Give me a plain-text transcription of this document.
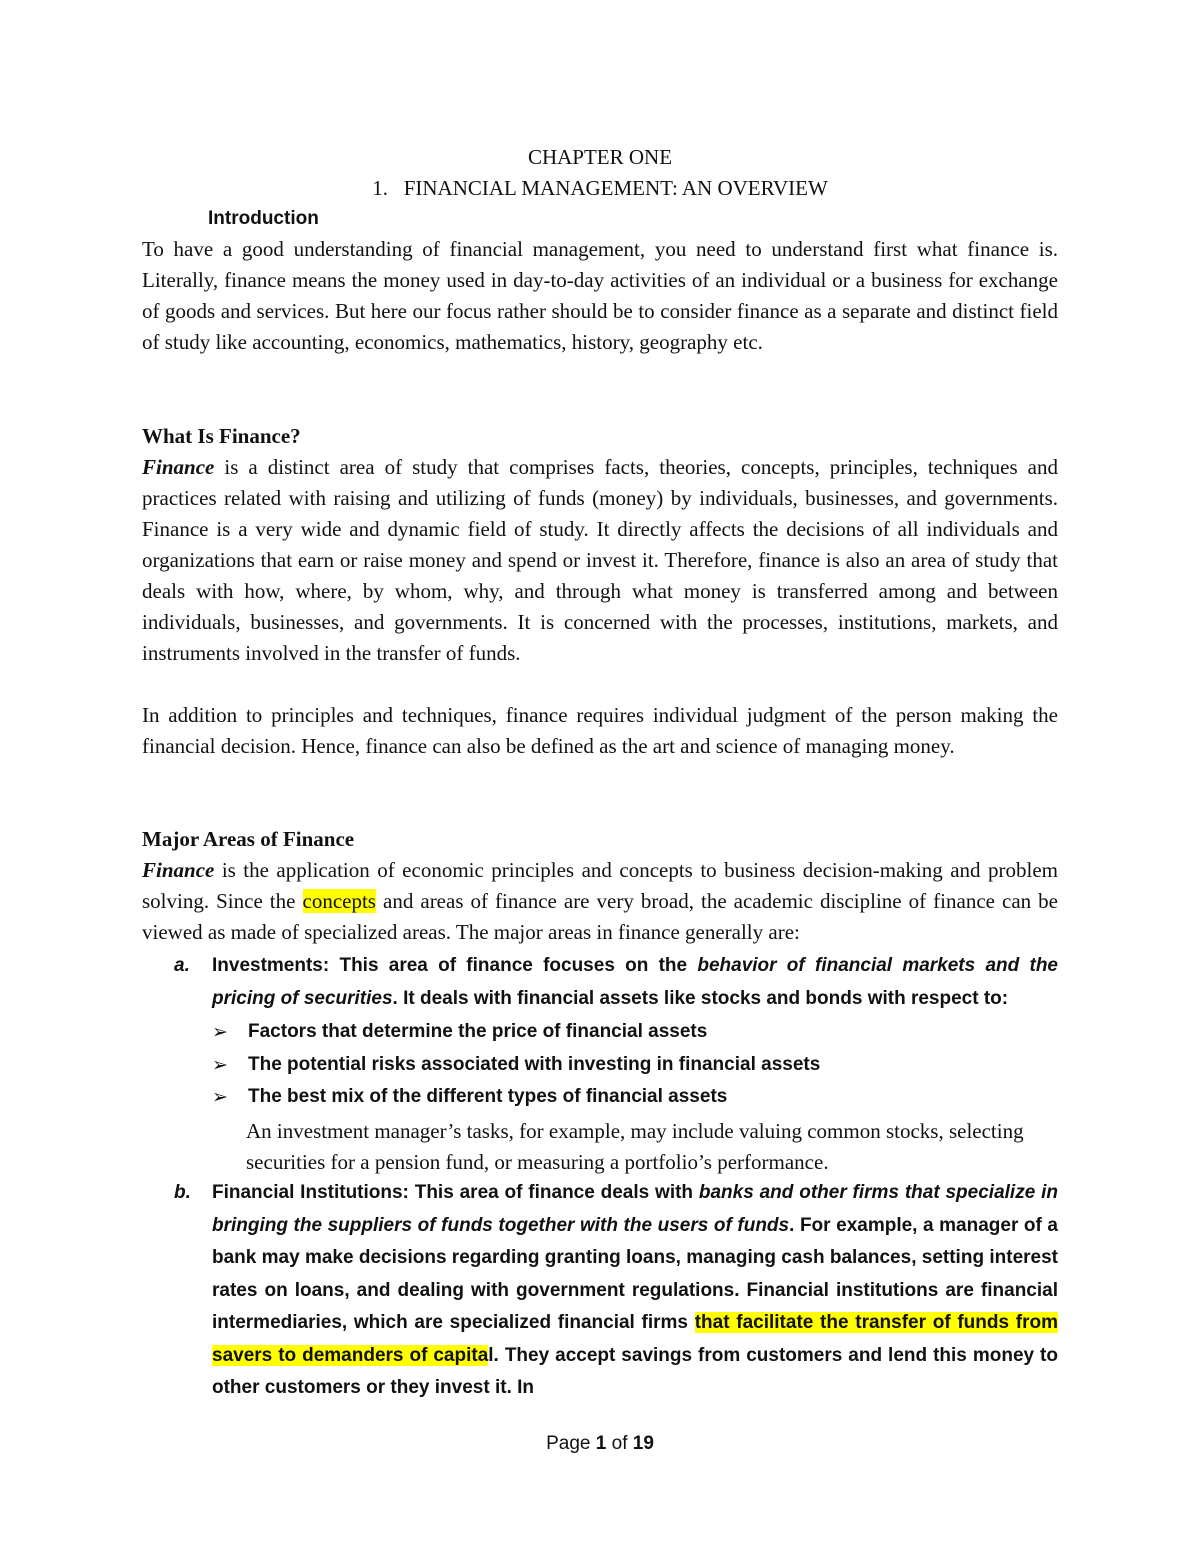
CHAPTER ONE
1. FINANCIAL MANAGEMENT: AN OVERVIEW
Introduction

To have a good understanding of financial management, you need to understand first what finance is. Literally, finance means the money used in day-to-day activities of an individual or a business for exchange of goods and services. But here our focus rather should be to consider finance as a separate and distinct field of study like accounting, economics, mathematics, history, geography etc.

What Is Finance?

Finance is a distinct area of study that comprises facts, theories, concepts, principles, techniques and practices related with raising and utilizing of funds (money) by individuals, businesses, and governments. Finance is a very wide and dynamic field of study. It directly affects the decisions of all individuals and organizations that earn or raise money and spend or invest it. Therefore, finance is also an area of study that deals with how, where, by whom, why, and through what money is transferred among and between individuals, businesses, and governments. It is concerned with the processes, institutions, markets, and instruments involved in the transfer of funds.

In addition to principles and techniques, finance requires individual judgment of the person making the financial decision. Hence, finance can also be defined as the art and science of managing money.

Major Areas of Finance

Finance is the application of economic principles and concepts to business decision-making and problem solving. Since the concepts and areas of finance are very broad, the academic discipline of finance can be viewed as made of specialized areas. The major areas in finance generally are:

a. Investments: This area of finance focuses on the behavior of financial markets and the pricing of securities. It deals with financial assets like stocks and bonds with respect to:

➢ Factors that determine the price of financial assets
➢ The potential risks associated with investing in financial assets
➢ The best mix of the different types of financial assets

An investment manager’s tasks, for example, may include valuing common stocks, selecting securities for a pension fund, or measuring a portfolio’s performance.

b. Financial Institutions: This area of finance deals with banks and other firms that specialize in bringing the suppliers of funds together with the users of funds. For example, a manager of a bank may make decisions regarding granting loans, managing cash balances, setting interest rates on loans, and dealing with government regulations. Financial institutions are financial intermediaries, which are specialized financial firms that facilitate the transfer of funds from savers to demanders of capital. They accept savings from customers and lend this money to other customers or they invest it. In

Page 1 of 19
